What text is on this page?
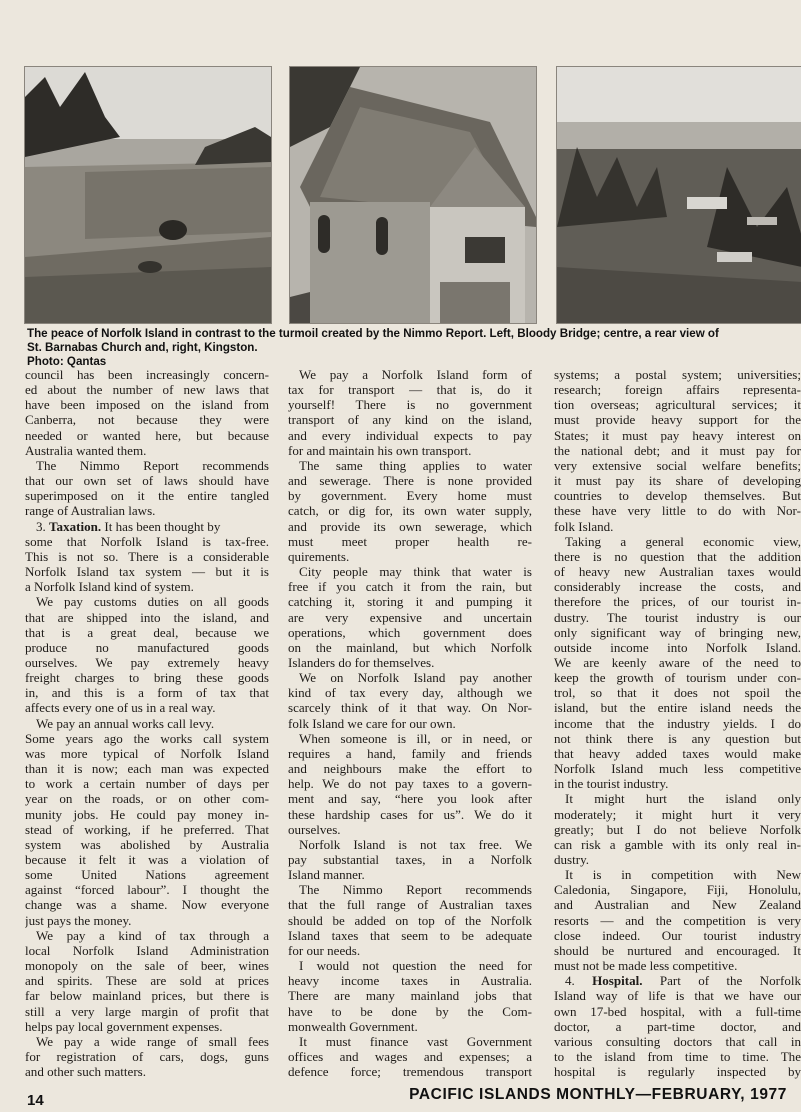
The peace of Norfolk Island in contrast to the turmoil created by the Nimmo Report. Left, Bloody Bridge; centre, a rear view of
St. Barnabas Church and, right, Kingston.
Photo: Qantas
council has been increasingly concern-
ed about the number of new laws that
have been imposed on the island from
Canberra, not because they were
needed or wanted here, but because
Australia wanted them.
The Nimmo Report recommends
that our own set of laws should have
superimposed on it the entire tangled
range of Australian laws.
3. Taxation. It has been thought by
some that Norfolk Island is tax-free.
This is not so. There is a considerable
Norfolk Island tax system — but it is
a Norfolk Island kind of system.
We pay customs duties on all goods
that are shipped into the island, and
that is a great deal, because we
produce no manufactured goods
ourselves. We pay extremely heavy
freight charges to bring these goods
in, and this is a form of tax that
affects every one of us in a real way.
We pay an annual works call levy.
Some years ago the works call system
was more typical of Norfolk Island
than it is now; each man was expected
to work a certain number of days per
year on the roads, or on other com-
munity jobs. He could pay money in-
stead of working, if he preferred. That
system was abolished by Australia
because it felt it was a violation of
some United Nations agreement
against “forced labour”. I thought the
change was a shame. Now everyone
just pays the money.
We pay a kind of tax through a
local Norfolk Island Administration
monopoly on the sale of beer, wines
and spirits. These are sold at prices
far below mainland prices, but there is
still a very large margin of profit that
helps pay local government expenses.
We pay a wide range of small fees
for registration of cars, dogs, guns
and other such matters.
We pay a Norfolk Island form of
tax for transport — that is, do it
yourself! There is no government
transport of any kind on the island,
and every individual expects to pay
for and maintain his own transport.
The same thing applies to water
and sewerage. There is none provided
by government. Every home must
catch, or dig for, its own water supply,
and provide its own sewerage, which
must meet proper health re-
quirements.
City people may think that water is
free if you catch it from the rain, but
catching it, storing it and pumping it
are very expensive and uncertain
operations, which government does
on the mainland, but which Norfolk
Islanders do for themselves.
We on Norfolk Island pay another
kind of tax every day, although we
scarcely think of it that way. On Nor-
folk Island we care for our own.
When someone is ill, or in need, or
requires a hand, family and friends
and neighbours make the effort to
help. We do not pay taxes to a govern-
ment and say, “here you look after
these hardship cases for us”. We do it
ourselves.
Norfolk Island is not tax free. We
pay substantial taxes, in a Norfolk
Island manner.
The Nimmo Report recommends
that the full range of Australian taxes
should be added on top of the Norfolk
Island taxes that seem to be adequate
for our needs.
I would not question the need for
heavy income taxes in Australia.
There are many mainland jobs that
have to be done by the Com-
monwealth Government.
It must finance vast Government
offices and wages and expenses; a
defence force; tremendous transport
systems; a postal system; universities;
research; foreign affairs representa-
tion overseas; agricultural services; it
must provide heavy support for the
States; it must pay heavy interest on
the national debt; and it must pay for
very extensive social welfare benefits;
it must pay its share of developing
countries to develop themselves. But
these have very little to do with Nor-
folk Island.
Taking a general economic view,
there is no question that the addition
of heavy new Australian taxes would
considerably increase the costs, and
therefore the prices, of our tourist in-
dustry. The tourist industry is our
only significant way of bringing new,
outside income into Norfolk Island.
We are keenly aware of the need to
keep the growth of tourism under con-
trol, so that it does not spoil the
island, but the entire island needs the
income that the industry yields. I do
not think there is any question but
that heavy added taxes would make
Norfolk Island much less competitive
in the tourist industry.
It might hurt the island only
moderately; it might hurt it very
greatly; but I do not believe Norfolk
can risk a gamble with its only real in-
dustry.
It is in competition with New
Caledonia, Singapore, Fiji, Honolulu,
and Australian and New Zealand
resorts — and the competition is very
close indeed. Our tourist industry
should be nurtured and encouraged. It
must not be made less competitive.
4. Hospital. Part of the Norfolk
Island way of life is that we have our
own 17-bed hospital, with a full-time
doctor, a part-time doctor, and
various consulting doctors that call in
to the island from time to time. The
hospital is regularly inspected by
14	PACIFIC ISLANDS MONTHLY—FEBRUARY, 1977
